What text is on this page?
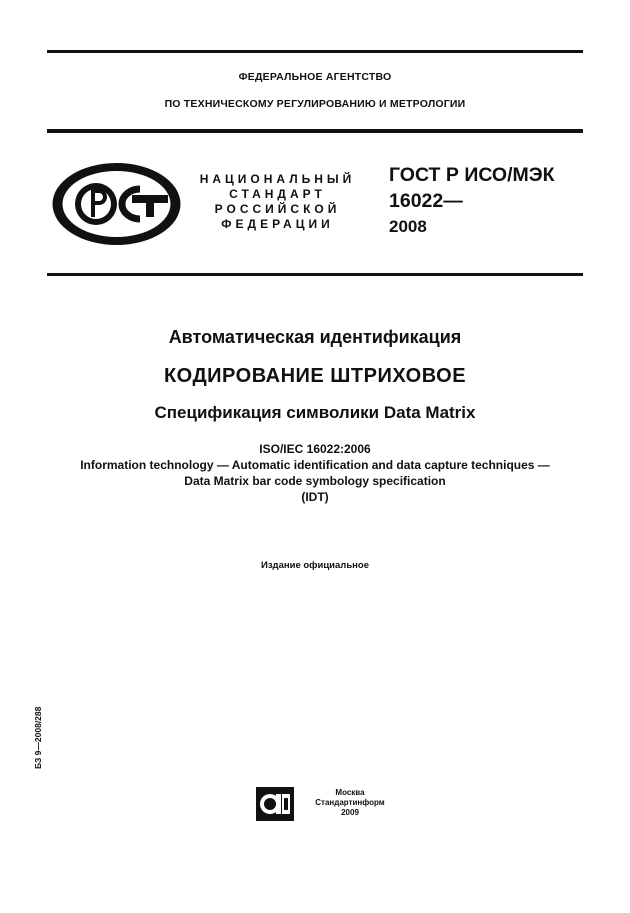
ФЕДЕРАЛЬНОЕ АГЕНТСТВО
ПО ТЕХНИЧЕСКОМУ РЕГУЛИРОВАНИЮ И МЕТРОЛОГИИ
НАЦИОНАЛЬНЫЙ
СТАНДАРТ
РОССИЙСКОЙ
ФЕДЕРАЦИИ
ГОСТ Р ИСО/МЭК
16022—
2008
Автоматическая идентификация
КОДИРОВАНИЕ ШТРИХОВОЕ
Спецификация символики Data Matrix
ISO/IEC 16022:2006
Information technology — Automatic identification and data capture techniques —
Data Matrix bar code symbology specification
(IDT)
Издание официальное
БЗ 9—2008/288
Москва
Стандартинформ
2009
